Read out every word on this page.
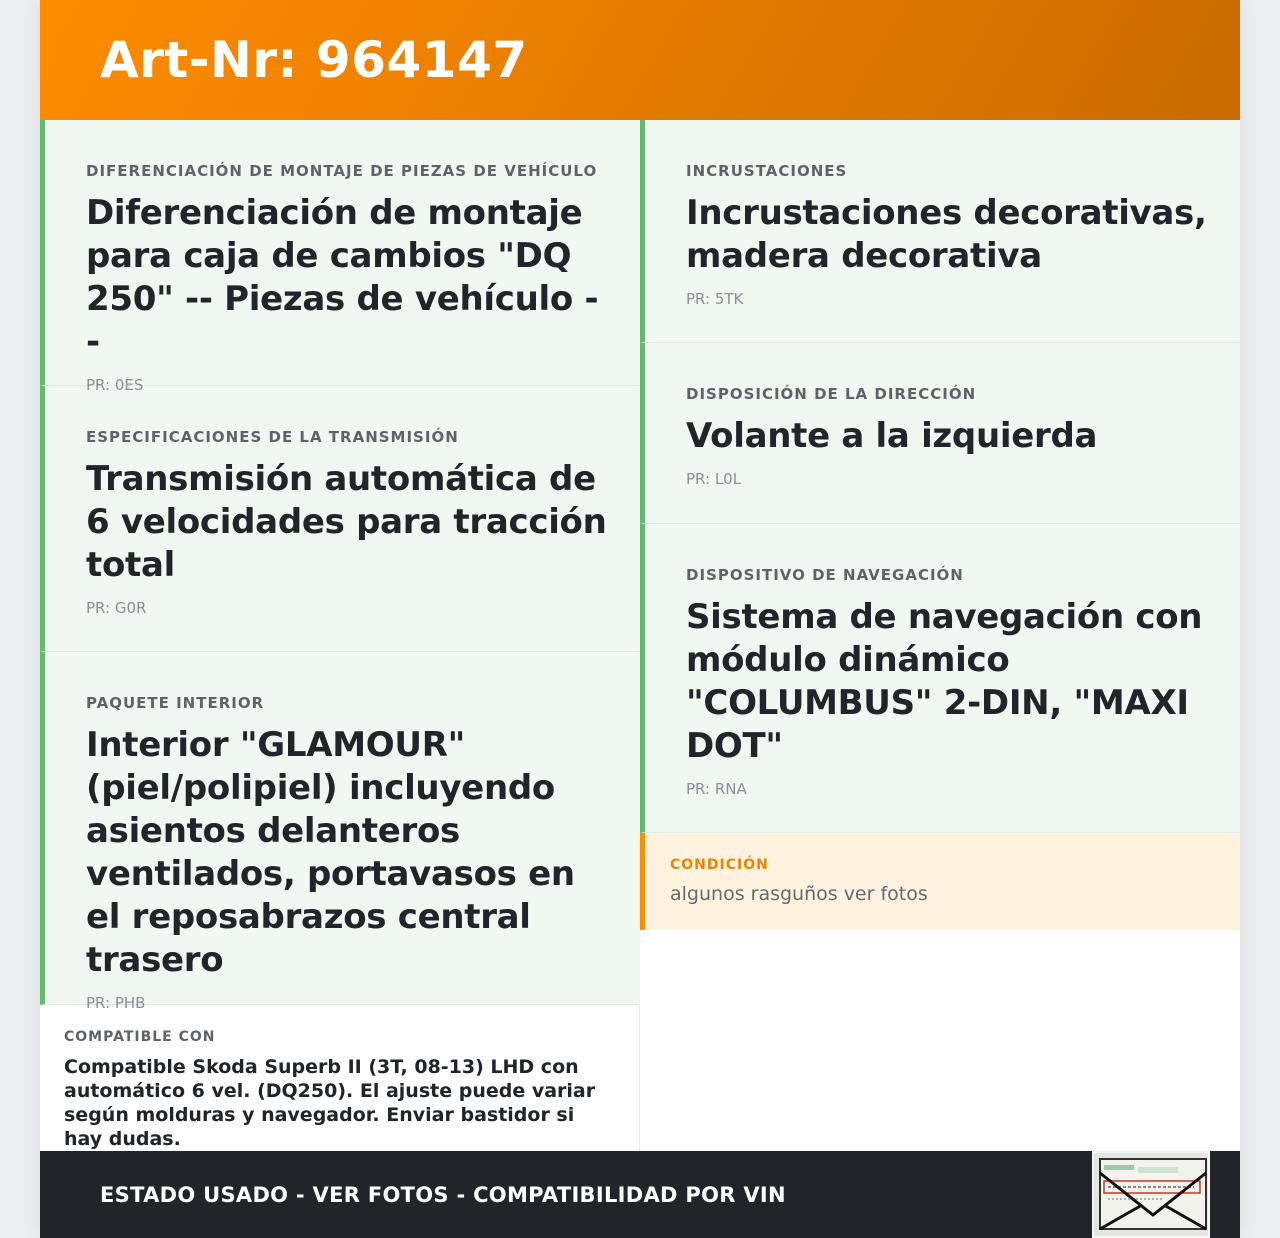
Art-Nr: 964147
DIFERENCIACIÓN DE MONTAJE DE PIEZAS DE VEHÍCULO
Diferenciación de montaje para caja de cambios "DQ 250" -- Piezas de vehículo --
PR: 0ES
ESPECIFICACIONES DE LA TRANSMISIÓN
Transmisión automática de 6 velocidades para tracción total
PR: G0R
PAQUETE INTERIOR
Interior "GLAMOUR" (piel/polipiel) incluyendo asientos delanteros ventilados, portavasos en el reposabrazos central trasero
PR: PHB
COMPATIBLE CON
Compatible Skoda Superb II (3T, 08-13) LHD con automático 6 vel. (DQ250). El ajuste puede variar según molduras y navegador. Enviar bastidor si hay dudas.
INCRUSTACIONES
Incrustaciones decorativas, madera decorativa
PR: 5TK
DISPOSICIÓN DE LA DIRECCIÓN
Volante a la izquierda
PR: L0L
DISPOSITIVO DE NAVEGACIÓN
Sistema de navegación con módulo dinámico "COLUMBUS" 2-DIN, "MAXI DOT"
PR: RNA
CONDICIÓN
algunos rasguños ver fotos
ESTADO USADO - VER FOTOS - COMPATIBILIDAD POR VIN
